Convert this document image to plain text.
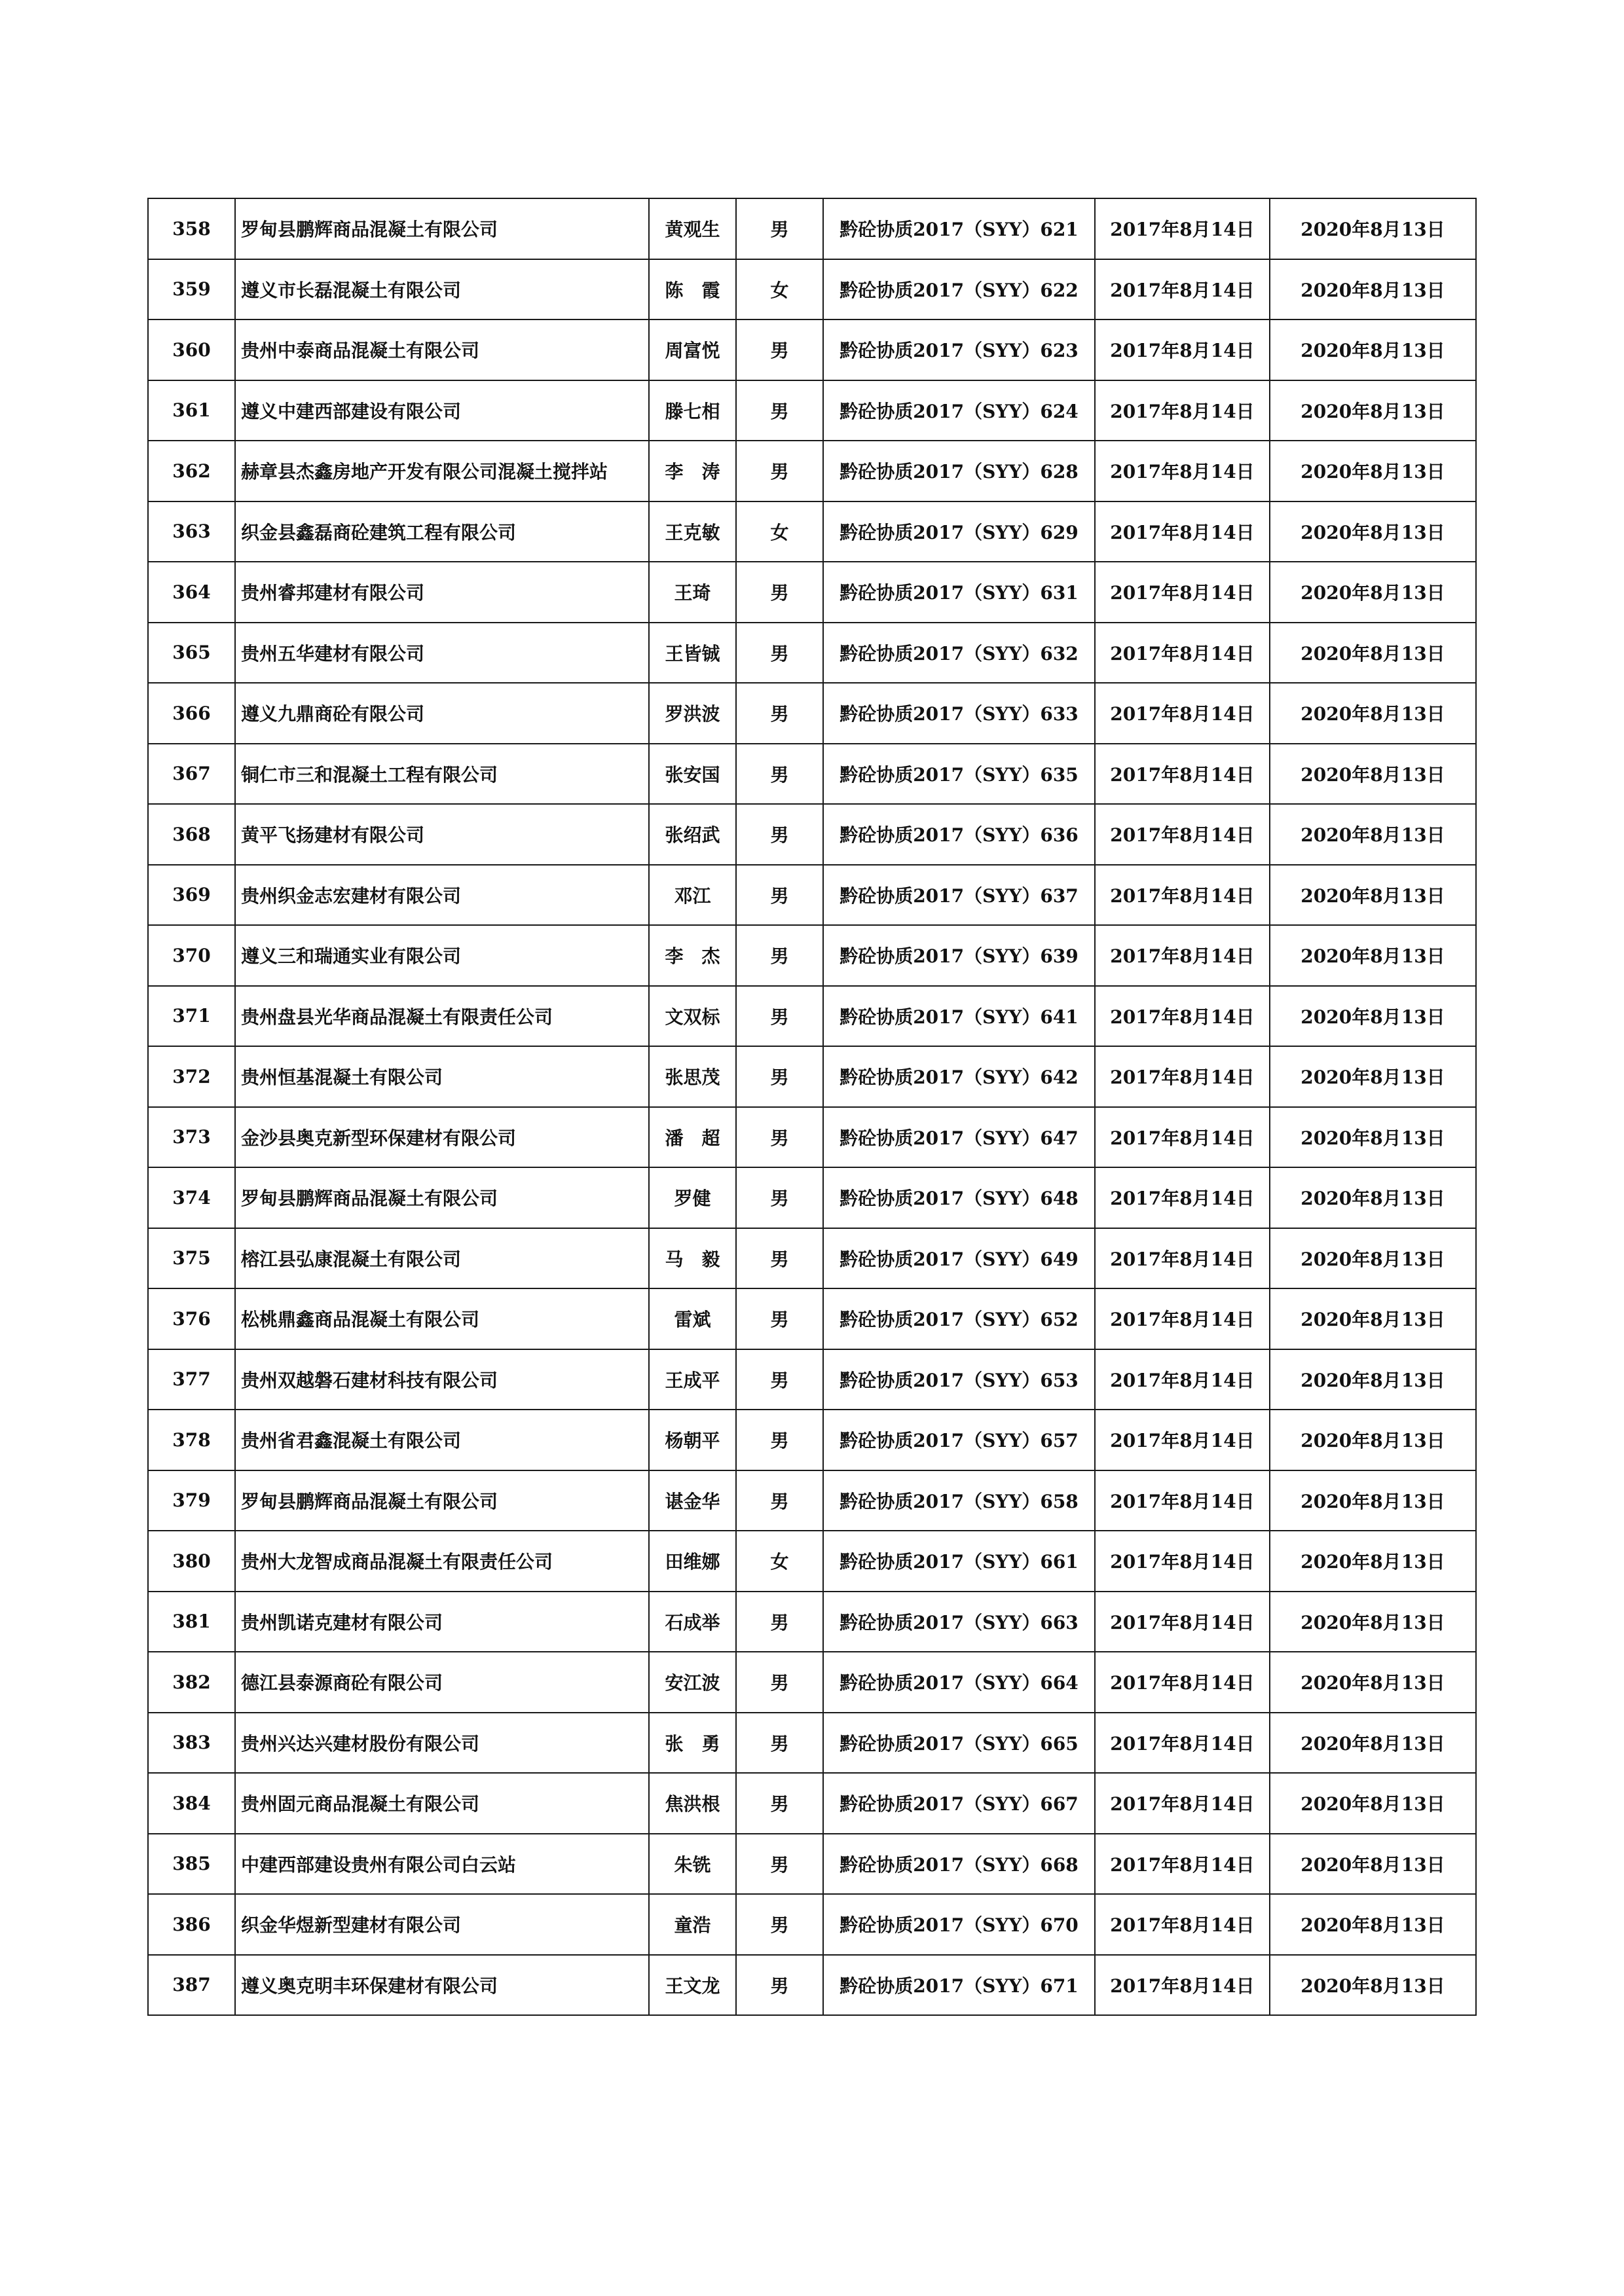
358	罗甸县鹏辉商品混凝土有限公司	黄观生	男	黔砼协质2017（SYY）621	2017年8月14日	2020年8月13日
359	遵义市长磊混凝土有限公司	陈　霞	女	黔砼协质2017（SYY）622	2017年8月14日	2020年8月13日
360	贵州中泰商品混凝土有限公司	周富悦	男	黔砼协质2017（SYY）623	2017年8月14日	2020年8月13日
361	遵义中建西部建设有限公司	滕七相	男	黔砼协质2017（SYY）624	2017年8月14日	2020年8月13日
362	赫章县杰鑫房地产开发有限公司混凝土搅拌站	李　涛	男	黔砼协质2017（SYY）628	2017年8月14日	2020年8月13日
363	织金县鑫磊商砼建筑工程有限公司	王克敏	女	黔砼协质2017（SYY）629	2017年8月14日	2020年8月13日
364	贵州睿邦建材有限公司	王琦	男	黔砼协质2017（SYY）631	2017年8月14日	2020年8月13日
365	贵州五华建材有限公司	王皆铖	男	黔砼协质2017（SYY）632	2017年8月14日	2020年8月13日
366	遵义九鼎商砼有限公司	罗洪波	男	黔砼协质2017（SYY）633	2017年8月14日	2020年8月13日
367	铜仁市三和混凝土工程有限公司	张安国	男	黔砼协质2017（SYY）635	2017年8月14日	2020年8月13日
368	黄平飞扬建材有限公司	张绍武	男	黔砼协质2017（SYY）636	2017年8月14日	2020年8月13日
369	贵州织金志宏建材有限公司	邓江	男	黔砼协质2017（SYY）637	2017年8月14日	2020年8月13日
370	遵义三和瑞通实业有限公司	李　杰	男	黔砼协质2017（SYY）639	2017年8月14日	2020年8月13日
371	贵州盘县光华商品混凝土有限责任公司	文双标	男	黔砼协质2017（SYY）641	2017年8月14日	2020年8月13日
372	贵州恒基混凝土有限公司	张思茂	男	黔砼协质2017（SYY）642	2017年8月14日	2020年8月13日
373	金沙县奥克新型环保建材有限公司	潘　超	男	黔砼协质2017（SYY）647	2017年8月14日	2020年8月13日
374	罗甸县鹏辉商品混凝土有限公司	罗健	男	黔砼协质2017（SYY）648	2017年8月14日	2020年8月13日
375	榕江县弘康混凝土有限公司	马　毅	男	黔砼协质2017（SYY）649	2017年8月14日	2020年8月13日
376	松桃鼎鑫商品混凝土有限公司	雷斌	男	黔砼协质2017（SYY）652	2017年8月14日	2020年8月13日
377	贵州双越磐石建材科技有限公司	王成平	男	黔砼协质2017（SYY）653	2017年8月14日	2020年8月13日
378	贵州省君鑫混凝土有限公司	杨朝平	男	黔砼协质2017（SYY）657	2017年8月14日	2020年8月13日
379	罗甸县鹏辉商品混凝土有限公司	谌金华	男	黔砼协质2017（SYY）658	2017年8月14日	2020年8月13日
380	贵州大龙智成商品混凝土有限责任公司	田维娜	女	黔砼协质2017（SYY）661	2017年8月14日	2020年8月13日
381	贵州凯诺克建材有限公司	石成举	男	黔砼协质2017（SYY）663	2017年8月14日	2020年8月13日
382	德江县泰源商砼有限公司	安江波	男	黔砼协质2017（SYY）664	2017年8月14日	2020年8月13日
383	贵州兴达兴建材股份有限公司	张　勇	男	黔砼协质2017（SYY）665	2017年8月14日	2020年8月13日
384	贵州固元商品混凝土有限公司	焦洪根	男	黔砼协质2017（SYY）667	2017年8月14日	2020年8月13日
385	中建西部建设贵州有限公司白云站	朱铣	男	黔砼协质2017（SYY）668	2017年8月14日	2020年8月13日
386	织金华煜新型建材有限公司	童浩	男	黔砼协质2017（SYY）670	2017年8月14日	2020年8月13日
387	遵义奥克明丰环保建材有限公司	王文龙	男	黔砼协质2017（SYY）671	2017年8月14日	2020年8月13日
